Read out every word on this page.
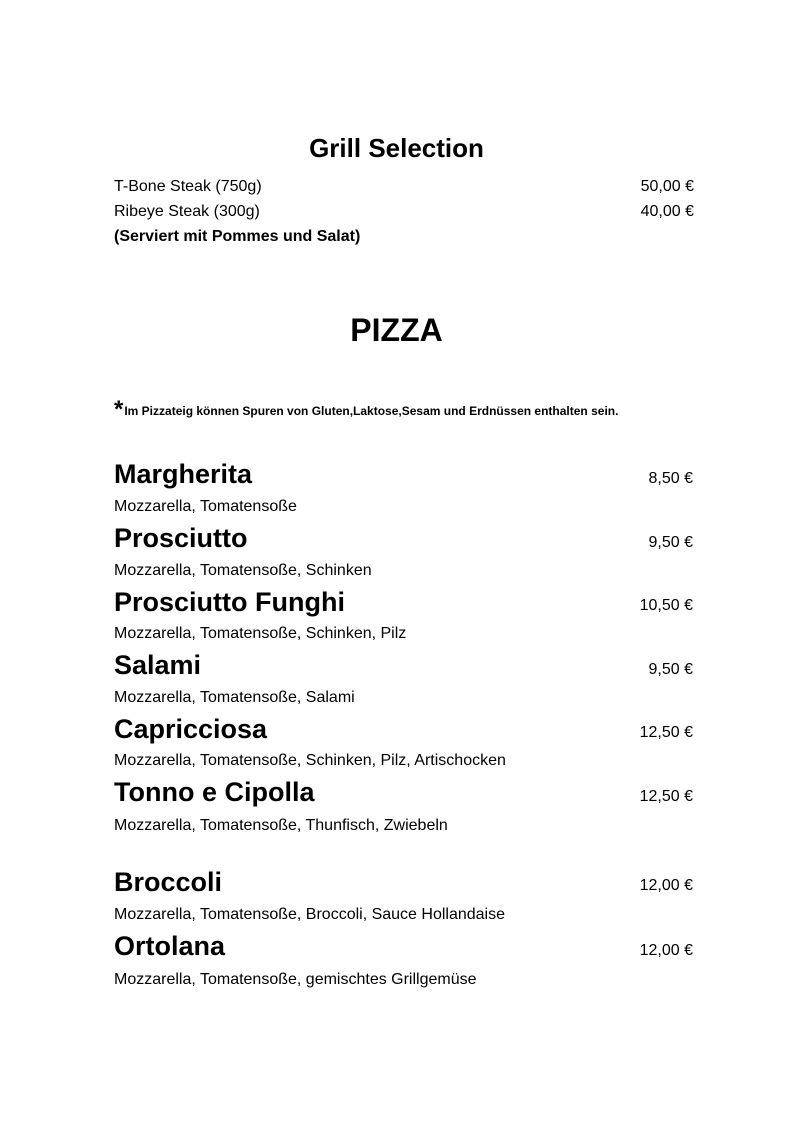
Grill Selection
T-Bone Steak (750g)	50,00 €
Ribeye Steak (300g)	40,00 €
(Serviert mit Pommes und Salat)
PIZZA
*Im Pizzateig können Spuren von Gluten,Laktose,Sesam und Erdnüssen enthalten sein.
Margherita	8,50 €
Mozzarella, Tomatensoße
Prosciutto	9,50 €
Mozzarella, Tomatensoße, Schinken
Prosciutto Funghi	10,50 €
Mozzarella, Tomatensoße, Schinken, Pilz
Salami	9,50 €
Mozzarella, Tomatensoße, Salami
Capricciosa	12,50 €
Mozzarella, Tomatensoße, Schinken, Pilz, Artischocken
Tonno e Cipolla	12,50 €
Mozzarella, Tomatensoße, Thunfisch, Zwiebeln
Broccoli	12,00 €
Mozzarella, Tomatensoße, Broccoli, Sauce Hollandaise
Ortolana	12,00 €
Mozzarella, Tomatensoße, gemischtes Grillgemüse
